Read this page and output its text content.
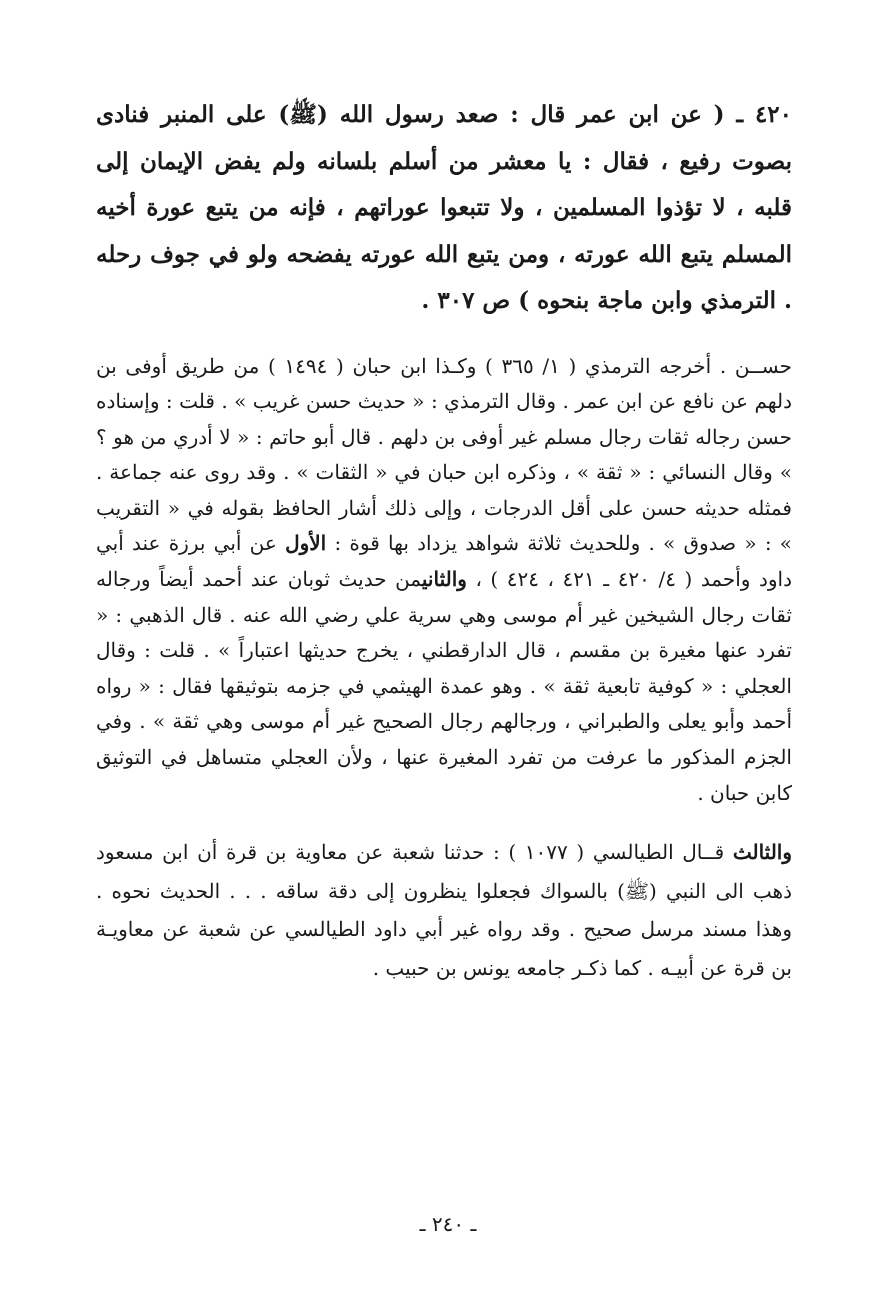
٤٢٠ ـ ( عن ابن عمر قال : صعد رسول الله (ﷺ) على المنبر فنادى بصوت رفيع ، فقال : يا معشر من أسلم بلسانه ولم يفض الإيمان إلى قلبه ، لا تؤذوا المسلمين ، ولا تتبعوا عوراتهم ، فإنه من يتبع عورة أخيه المسلم يتبع الله عورته ، ومن يتبع الله عورته يفضحه ولو في جوف رحله . الترمذي وابن ماجة بنحوه ) ص ٣٠٧ .

حســن . أخرجه الترمذي ( ١/ ٣٦٥ ) وكـذا ابن حبان ( ١٤٩٤ ) من طريق أوفى بن دلهم عن نافع عن ابن عمر . وقال الترمذي : « حديث حسن غريب » . قلت : وإسناده حسن رجاله ثقات رجال مسلم غير أوفى بن دلهم . قال أبو حاتم : « لا أدري من هو ؟ » وقال النسائي : « ثقة » ، وذكره ابن حبان في « الثقات » . وقد روى عنه جماعة . فمثله حديثه حسن على أقل الدرجات ، وإلى ذلك أشار الحافظ بقوله في « التقريب » : « صدوق » . وللحديث ثلاثة شواهد يزداد بها قوة : الأول عن أبي برزة عند أبي داود وأحمد ( ٤/ ٤٢٠ ـ ٤٢١ ، ٤٢٤ ) ، والثانيمن حديث ثوبان عند أحمد أيضاً ورجاله ثقات رجال الشيخين غير أم موسى وهي سرية علي رضي الله عنه . قال الذهبي : « تفرد عنها مغيرة بن مقسم ، قال الدارقطني ، يخرج حديثها اعتباراً » . قلت : وقال العجلي : « كوفية تابعية ثقة » . وهو عمدة الهيثمي في جزمه بتوثيقها فقال : « رواه أحمد وأبو يعلى والطبراني ، ورجالهم رجال الصحيح غير أم موسى وهي ثقة » . وفي الجزم المذكور ما عرفت من تفرد المغيرة عنها ، ولأن العجلي متساهل في التوثيق كابن حبان .

والثالث قــال الطيالسي ( ١٠٧٧ ) : حدثنا شعبة عن معاوية بن قرة أن ابن مسعود ذهب الى النبي (ﷺ) بالسواك فجعلوا ينظرون إلى دقة ساقه . . . الحديث نحوه . وهذا مسند مرسل صحيح . وقد رواه غير أبي داود الطيالسي عن شعبة عن معاويـة بن قرة عن أبيـه . كما ذكـر جامعه يونس بن حبيب .

ـ ٢٤٠ ـ
